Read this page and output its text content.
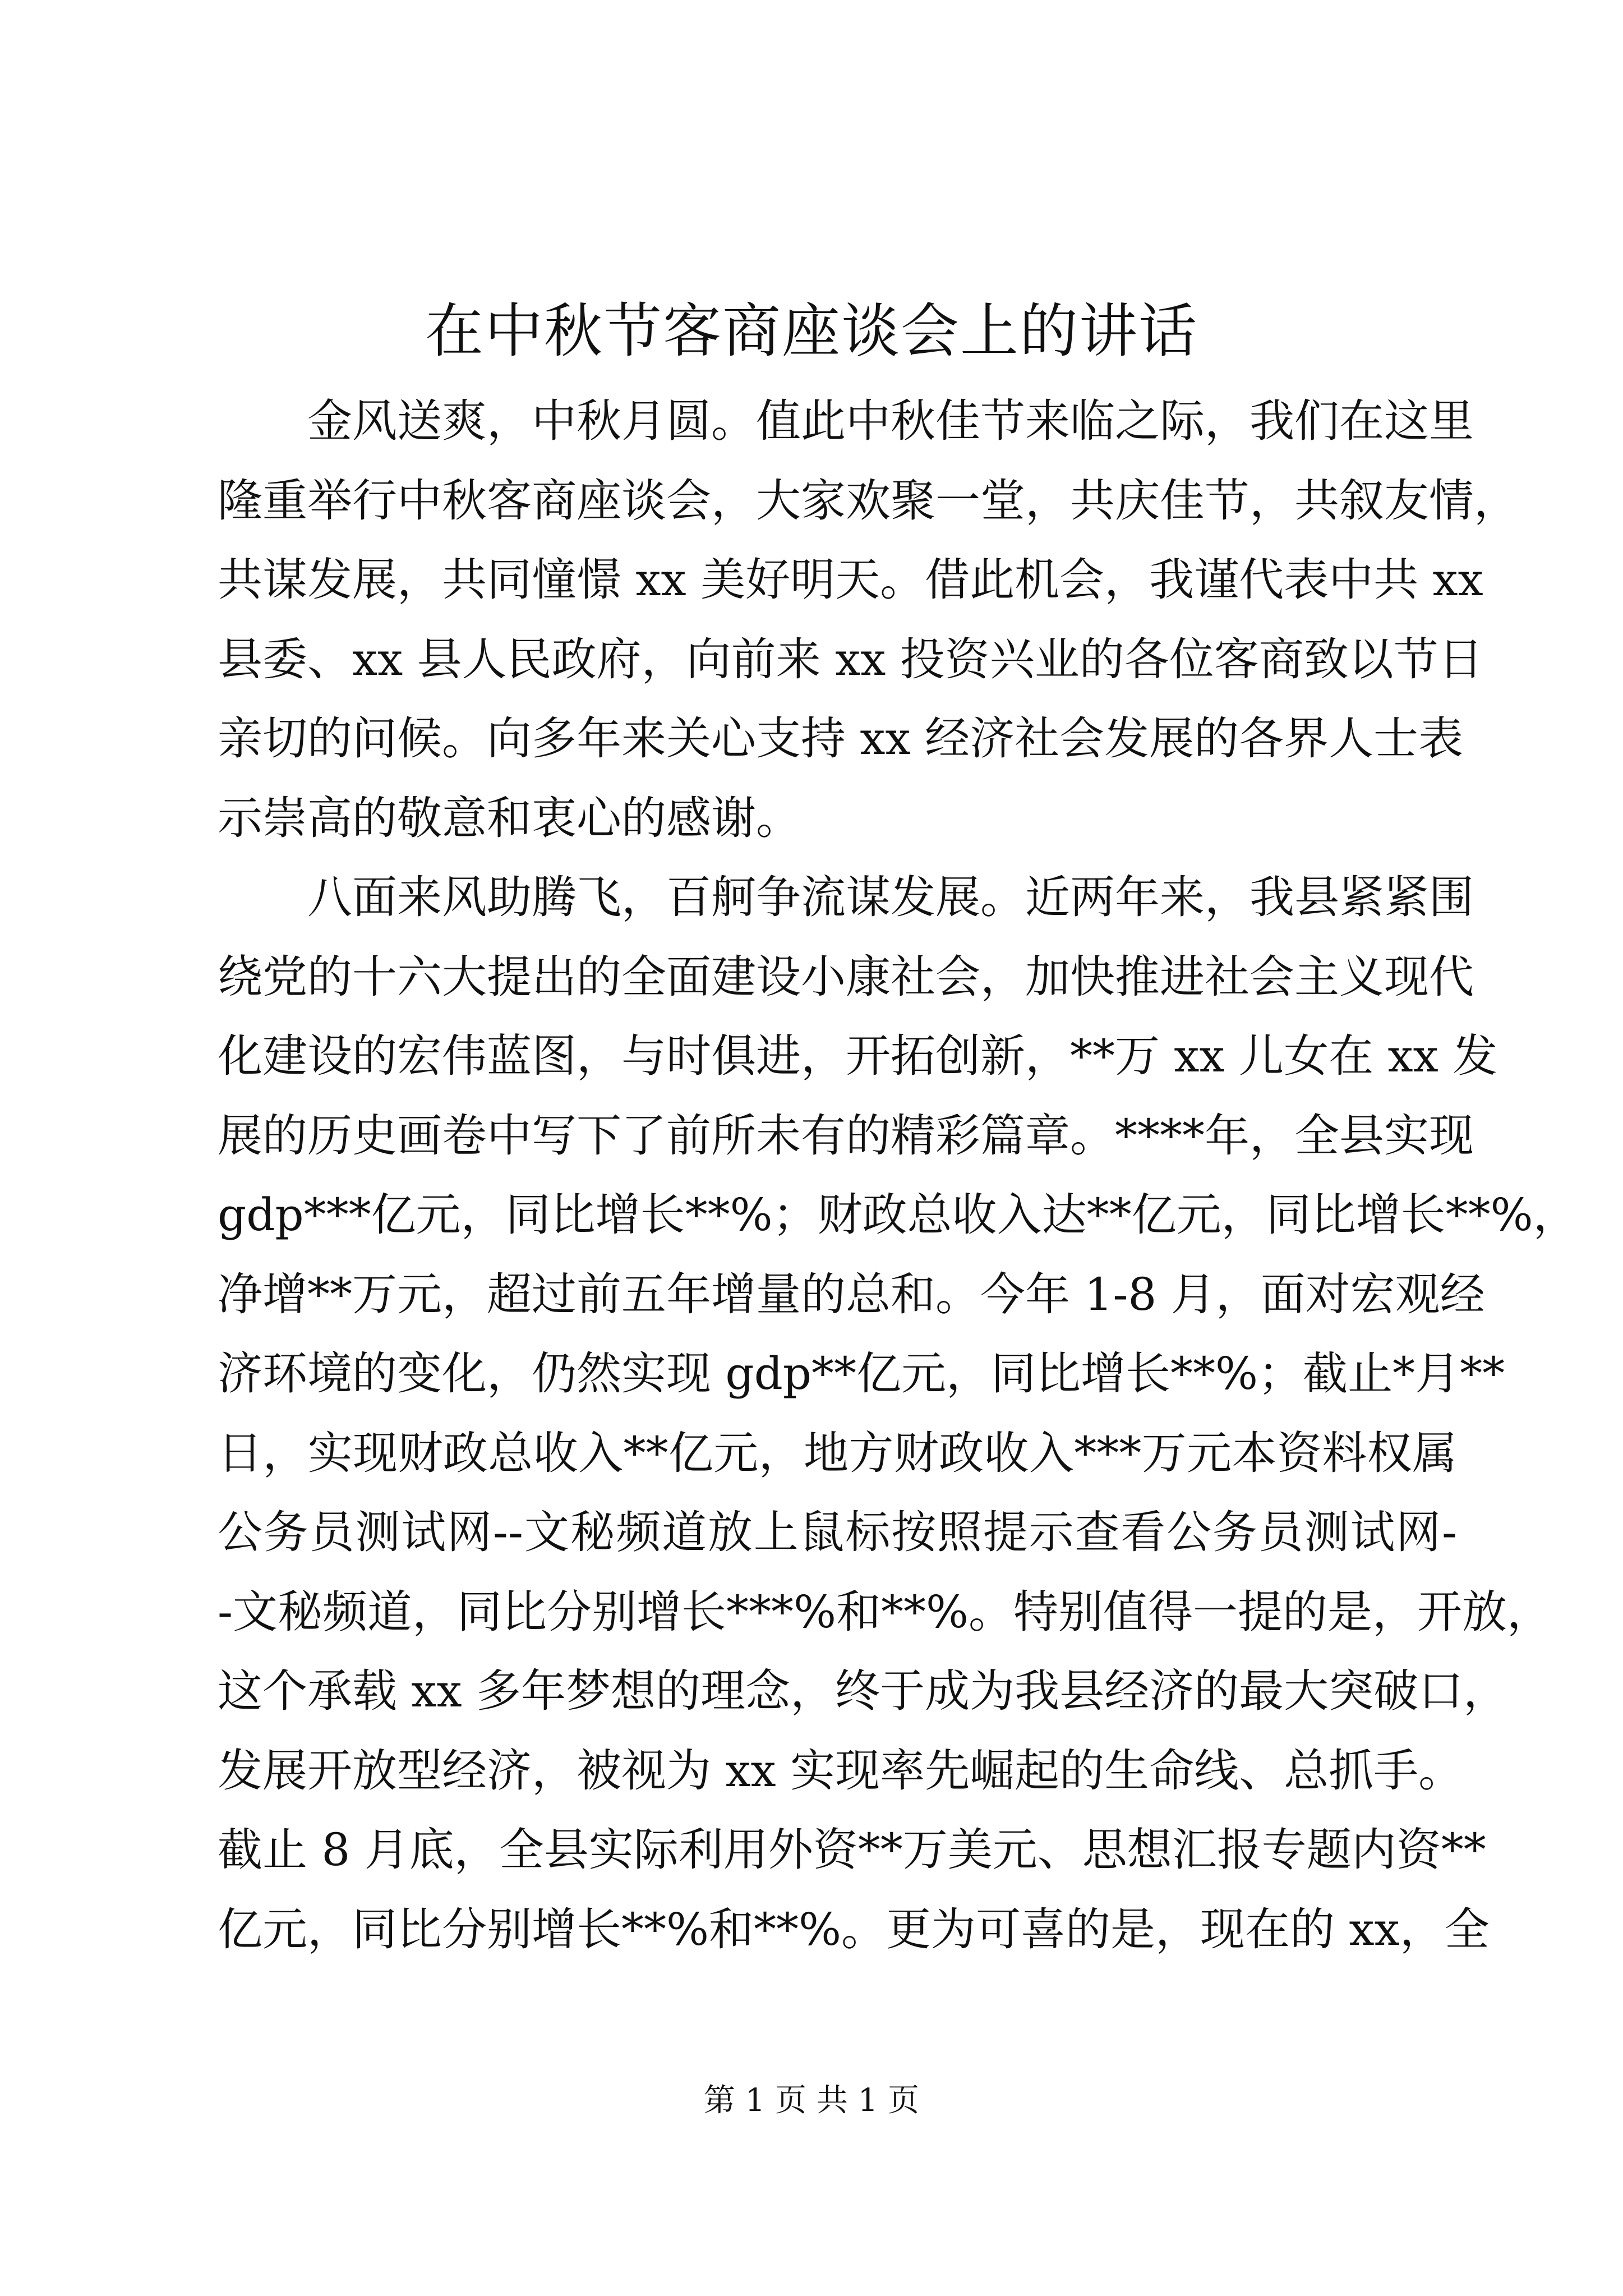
在中秋节客商座谈会上的讲话
金风送爽，中秋月圆。值此中秋佳节来临之际，我们在这里
隆重举行中秋客商座谈会，大家欢聚一堂，共庆佳节，共叙友情，
共谋发展，共同憧憬 xx 美好明天。借此机会，我谨代表中共 xx
县委、xx 县人民政府，向前来 xx 投资兴业的各位客商致以节日
亲切的问候。向多年来关心支持 xx 经济社会发展的各界人士表
示崇高的敬意和衷心的感谢。
八面来风助腾飞，百舸争流谋发展。近两年来，我县紧紧围
绕党的十六大提出的全面建设小康社会，加快推进社会主义现代
化建设的宏伟蓝图，与时俱进，开拓创新，**万 xx 儿女在 xx 发
展的历史画卷中写下了前所未有的精彩篇章。****年，全县实现
gdp***亿元，同比增长**%；财政总收入达**亿元，同比增长**%，
净增**万元，超过前五年增量的总和。今年 1-8 月，面对宏观经
济环境的变化，仍然实现 gdp**亿元，同比增长**%；截止*月**
日，实现财政总收入**亿元，地方财政收入***万元本资料权属
公务员测试网--文秘频道放上鼠标按照提示查看公务员测试网-
-文秘频道，同比分别增长***%和**%。特别值得一提的是，开放，
这个承载 xx 多年梦想的理念，终于成为我县经济的最大突破口，
发展开放型经济，被视为 xx 实现率先崛起的生命线、总抓手。
截止 8 月底，全县实际利用外资**万美元、思想汇报专题内资**
亿元，同比分别增长**%和**%。更为可喜的是，现在的 xx，全
第 1 页 共 1 页
